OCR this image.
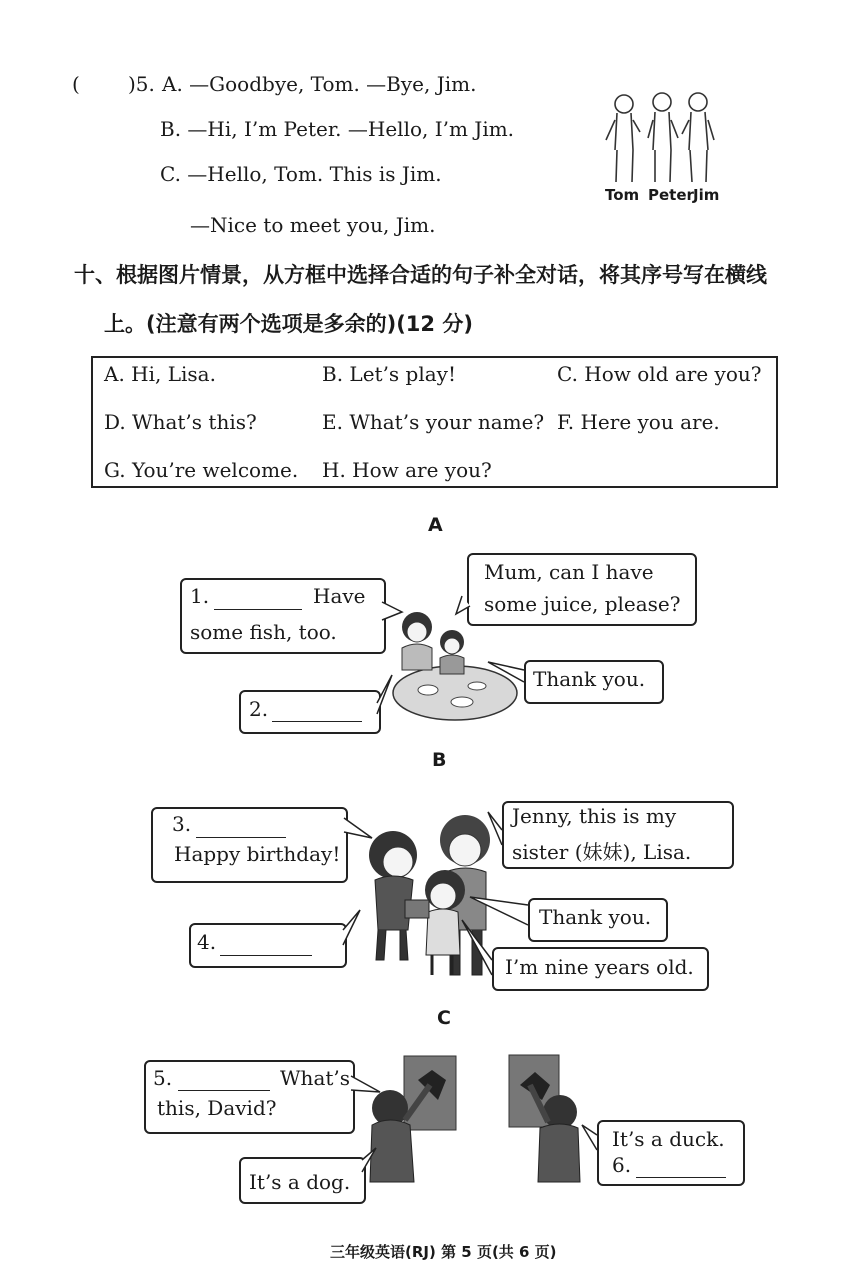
( )5. A. —Goodbye, Tom. —Bye, Jim.
B. —Hi, I’m Peter. —Hello, I’m Jim.
C. —Hello, Tom. This is Jim.
—Nice to meet you, Jim.
Tom Peter Jim
十、根据图片情景，从方框中选择合适的句子补全对话，将其序号写在横线
上。(注意有两个选项是多余的)(12 分)
A. Hi, Lisa.	B. Let’s play!	C. How old are you?
D. What’s this?	E. What’s your name? F. Here you are.
G. You’re welcome. H. How are you?
A
1.	Have
some fish, too.
Mum, can I have
some juice, please?
Thank you.
2.
B
3.
Happy birthday!
Jenny, this is my
sister (妹妹), Lisa.
Thank you.
4.
I’m nine years old.
C
5.	What’s
this, David?
It’s a dog.
It’s a duck.
6.
三年级英语(RJ) 第 5 页(共 6 页)
